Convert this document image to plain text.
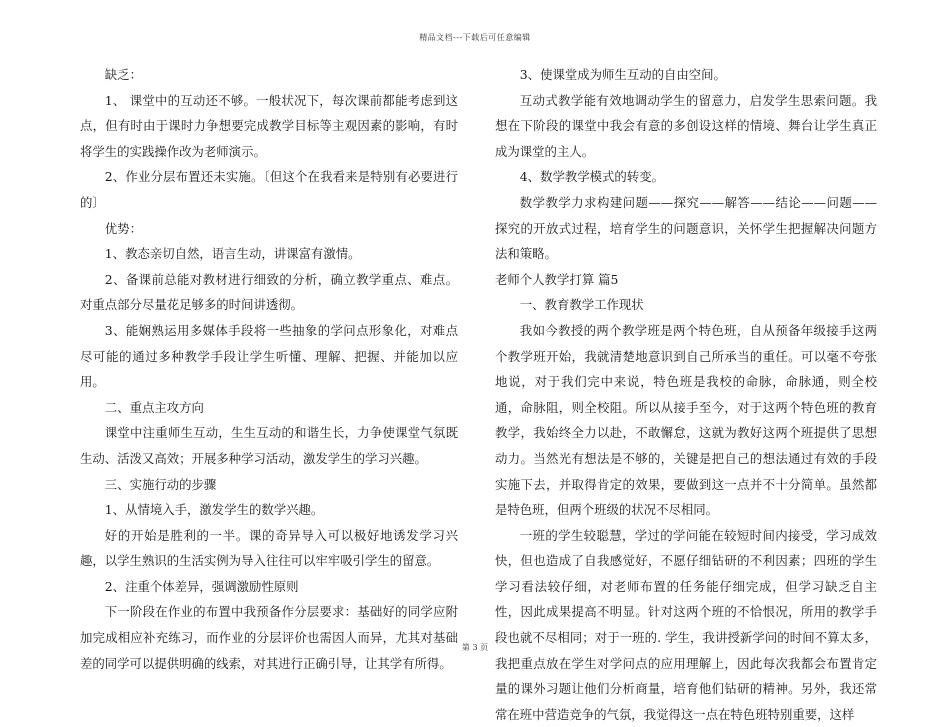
精品文档---下载后可任意编辑

缺乏：

1、 课堂中的互动还不够。一般状况下，每次课前都能考虑到这点，但有时由于课时力争想要完成教学目标等主观因素的影响，有时将学生的实践操作改为老师演示。

2、作业分层布置还未实施。〔但这个在我看来是特别有必要进行的〕

优势：

1、教态亲切自然，语言生动，讲课富有激情。

2、备课前总能对教材进行细致的分析，确立教学重点、难点。对重点部分尽量花足够多的时间讲透彻。

3、能娴熟运用多媒体手段将一些抽象的学问点形象化，对难点尽可能的通过多种教学手段让学生听懂、理解、把握、并能加以应用。

二、重点主攻方向

课堂中注重师生互动，生生互动的和谐生长，力争使课堂气氛既生动、活泼又高效；开展多种学习活动，激发学生的学习兴趣。

三、实施行动的步骤

1、从情境入手，激发学生的数学兴趣。

好的开始是胜利的一半。课的奇异导入可以极好地诱发学习兴趣，以学生熟识的生活实例为导入往往可以牢牢吸引学生的留意。

2、注重个体差异，强调激励性原则

下一阶段在作业的布置中我预备作分层要求：基础好的同学应附加完成相应补充练习，而作业的分层评价也需因人而异，尤其对基础差的同学可以提供明确的线索，对其进行正确引导，让其学有所得。

3、使课堂成为师生互动的自由空间。

互动式教学能有效地调动学生的留意力，启发学生思索问题。我想在下阶段的课堂中我会有意的多创设这样的情境、舞台让学生真正成为课堂的主人。

4、数学教学模式的转变。

数学教学力求构建问题——探究——解答——结论——问题——探究的开放式过程，培育学生的问题意识，关怀学生把握解决问题方法和策略。

老师个人教学打算 篇5

一、教育教学工作现状

我如今教授的两个教学班是两个特色班，自从预备年级接手这两个教学班开始，我就清楚地意识到自己所承当的重任。可以毫不夸张地说，对于我们完中来说，特色班是我校的命脉，命脉通，则全校通，命脉阻，则全校阻。所以从接手至今，对于这两个特色班的教育教学，我始终全力以赴，不敢懈怠，这就为教好这两个班提供了思想动力。当然光有想法是不够的，关键是把自己的想法通过有效的手段实施下去，并取得肯定的效果，要做到这一点并不十分简单。虽然都是特色班，但两个班级的状况不尽相同。

一班的学生较聪慧，学过的学问能在较短时间内接受，学习成效快，但也造成了自我感觉好，不愿仔细钻研的不利因素；四班的学生学习看法较仔细，对老师布置的任务能仔细完成，但学习缺乏自主性，因此成果提高不明显。针对这两个班的不恰恨况，所用的教学手段也就不尽相同；对于一班的. 学生，我讲授新学问的时间不算太多，我把重点放在学生对学问点的应用理解上，因此每次我都会布置肯定量的课外习题让他们分析商量，培育他们钻研的精神。另外，我还常常在班中营造竞争的气氛，我觉得这一点在特色班特别重要，这样

第 3 页
